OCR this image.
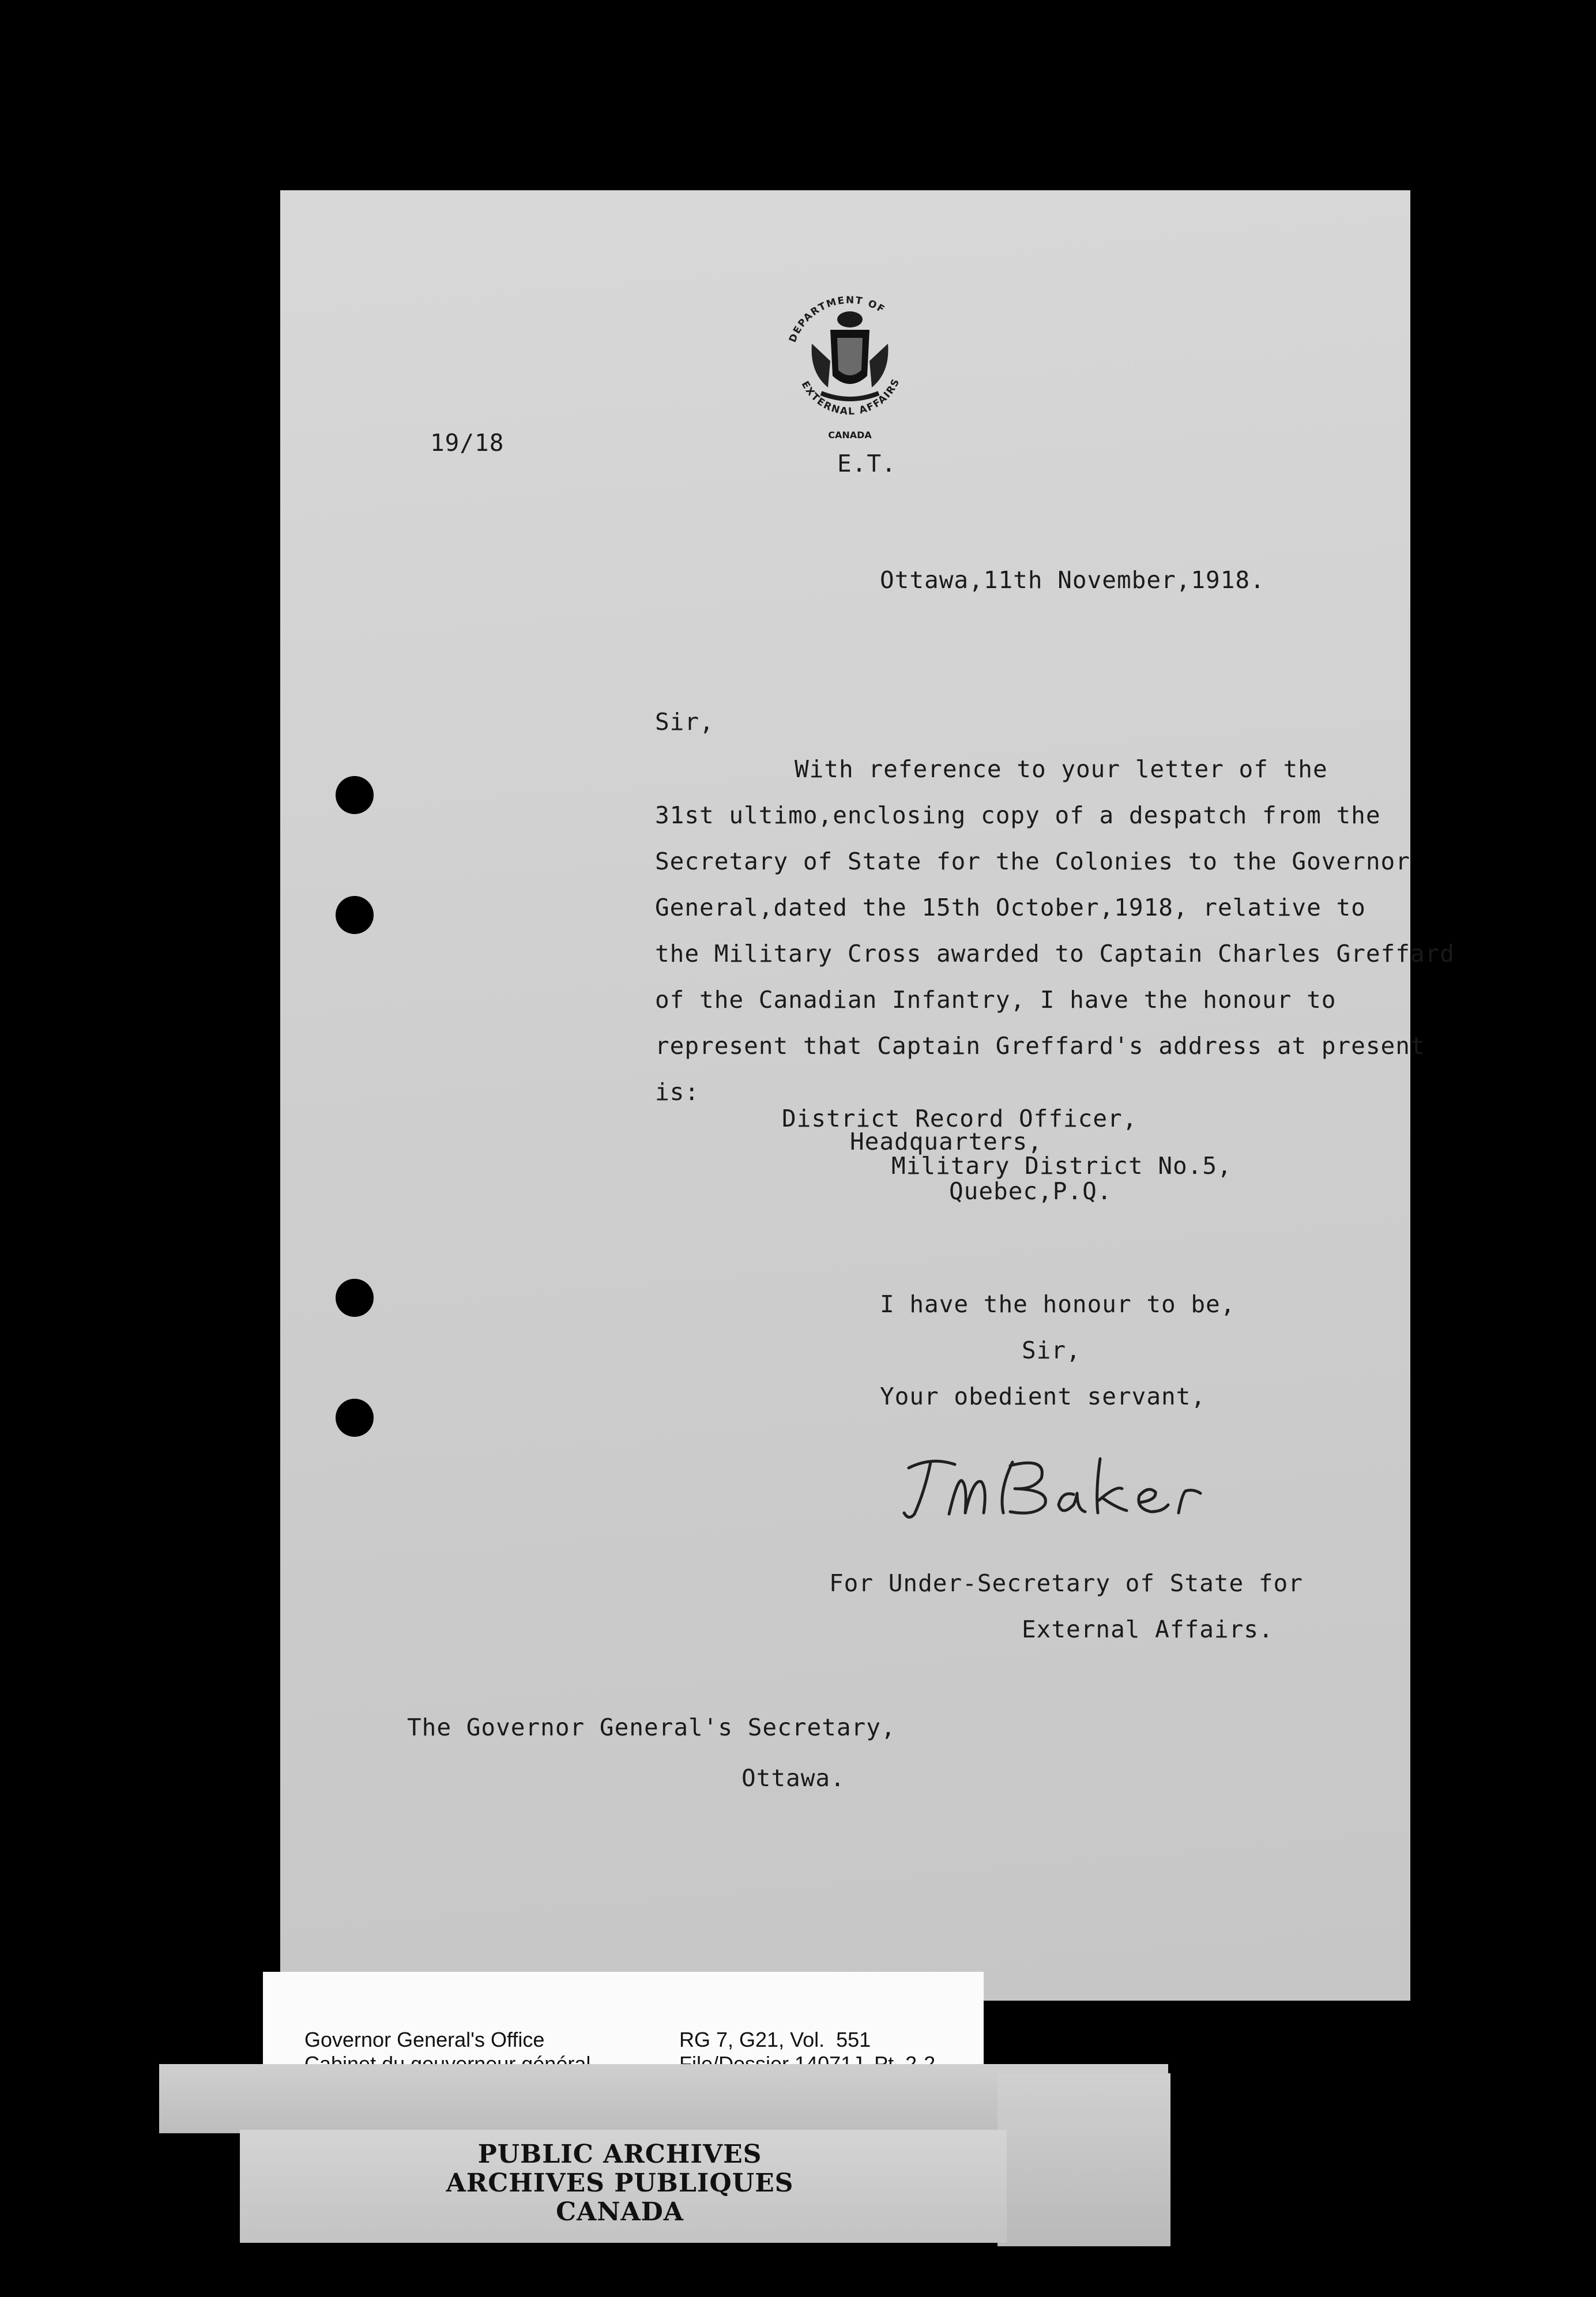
DEPARTMENT OF
EXTERNAL AFFAIRS
CANADA
19/18
E.T.
Ottawa,11th November,1918.
Sir,
With reference to your letter of the
31st ultimo,enclosing copy of a despatch from the
Secretary of State for the Colonies to the Governor
General,dated the 15th October,1918, relative to
the Military Cross awarded to Captain Charles Greffard
of the Canadian Infantry, I have the honour to
represent that Captain Greffard's address at present
is:
District Record Officer,
Headquarters,
Military District No.5,
Quebec,P.Q.
I have the honour to be,
Sir,
Your obedient servant,
For Under-Secretary of State for
External Affairs.
The Governor General's Secretary,
Ottawa.
Governor General's Office	RG 7, G21, Vol.  551
PUBLIC ARCHIVES
ARCHIVES PUBLIQUES
CANADA
